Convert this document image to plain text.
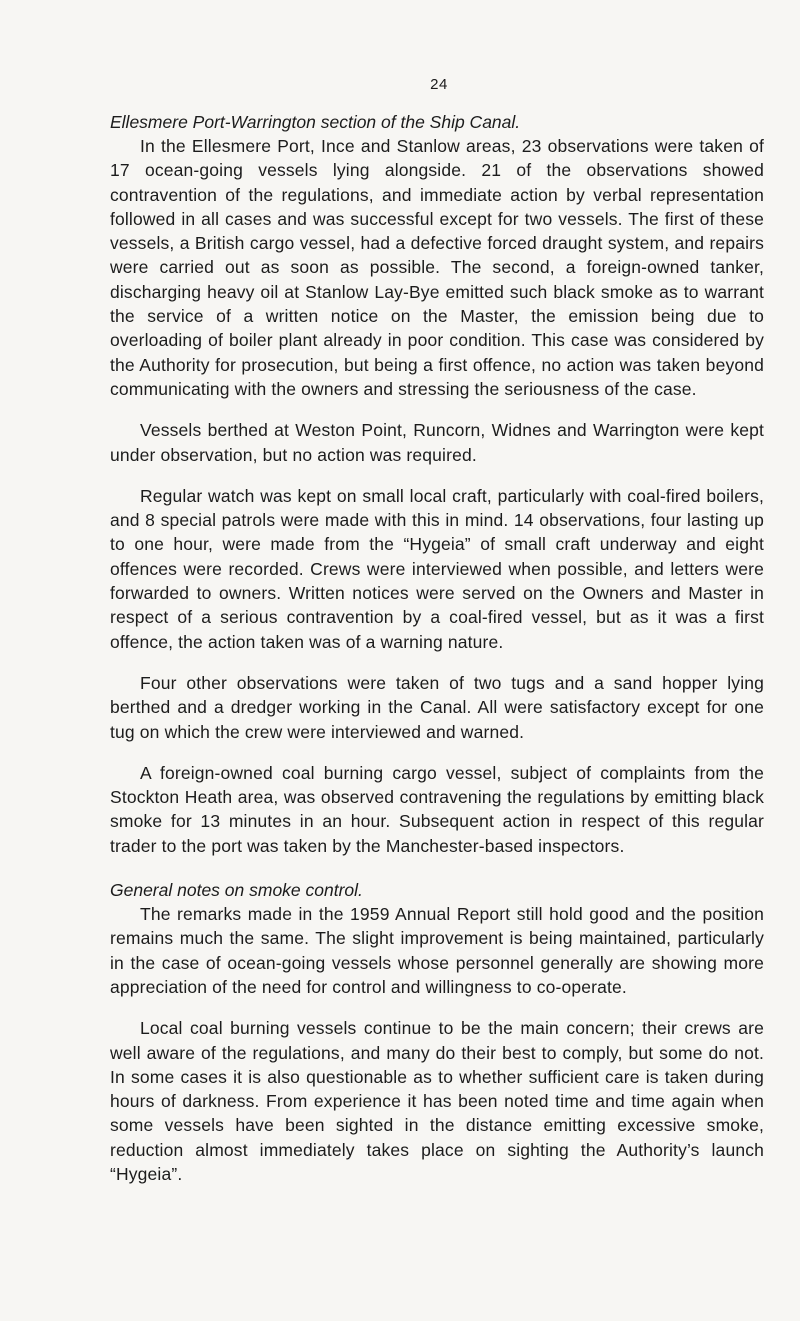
24

Ellesmere Port-Warrington section of the Ship Canal.

In the Ellesmere Port, Ince and Stanlow areas, 23 observations were taken of 17 ocean-going vessels lying alongside. 21 of the observations showed contravention of the regulations, and immediate action by verbal representation followed in all cases and was successful except for two vessels. The first of these vessels, a British cargo vessel, had a defective forced draught system, and repairs were carried out as soon as possible. The second, a foreign-owned tanker, discharging heavy oil at Stanlow Lay-Bye emitted such black smoke as to warrant the service of a written notice on the Master, the emission being due to overloading of boiler plant already in poor condition. This case was considered by the Authority for prosecution, but being a first offence, no action was taken beyond communicating with the owners and stressing the seriousness of the case.

Vessels berthed at Weston Point, Runcorn, Widnes and Warrington were kept under observation, but no action was required.

Regular watch was kept on small local craft, particularly with coal-fired boilers, and 8 special patrols were made with this in mind. 14 observations, four lasting up to one hour, were made from the “Hygeia” of small craft underway and eight offences were recorded. Crews were interviewed when possible, and letters were forwarded to owners. Written notices were served on the Owners and Master in respect of a serious contravention by a coal-fired vessel, but as it was a first offence, the action taken was of a warning nature.

Four other observations were taken of two tugs and a sand hopper lying berthed and a dredger working in the Canal. All were satisfactory except for one tug on which the crew were interviewed and warned.

A foreign-owned coal burning cargo vessel, subject of complaints from the Stockton Heath area, was observed contravening the regulations by emitting black smoke for 13 minutes in an hour. Subsequent action in respect of this regular trader to the port was taken by the Manchester-based inspectors.

General notes on smoke control.

The remarks made in the 1959 Annual Report still hold good and the position remains much the same. The slight improvement is being maintained, particularly in the case of ocean-going vessels whose personnel generally are showing more appreciation of the need for control and willingness to co-operate.

Local coal burning vessels continue to be the main concern; their crews are well aware of the regulations, and many do their best to comply, but some do not. In some cases it is also questionable as to whether sufficient care is taken during hours of darkness. From experience it has been noted time and time again when some vessels have been sighted in the distance emitting excessive smoke, reduction almost immediately takes place on sighting the Authority’s launch “Hygeia”.
